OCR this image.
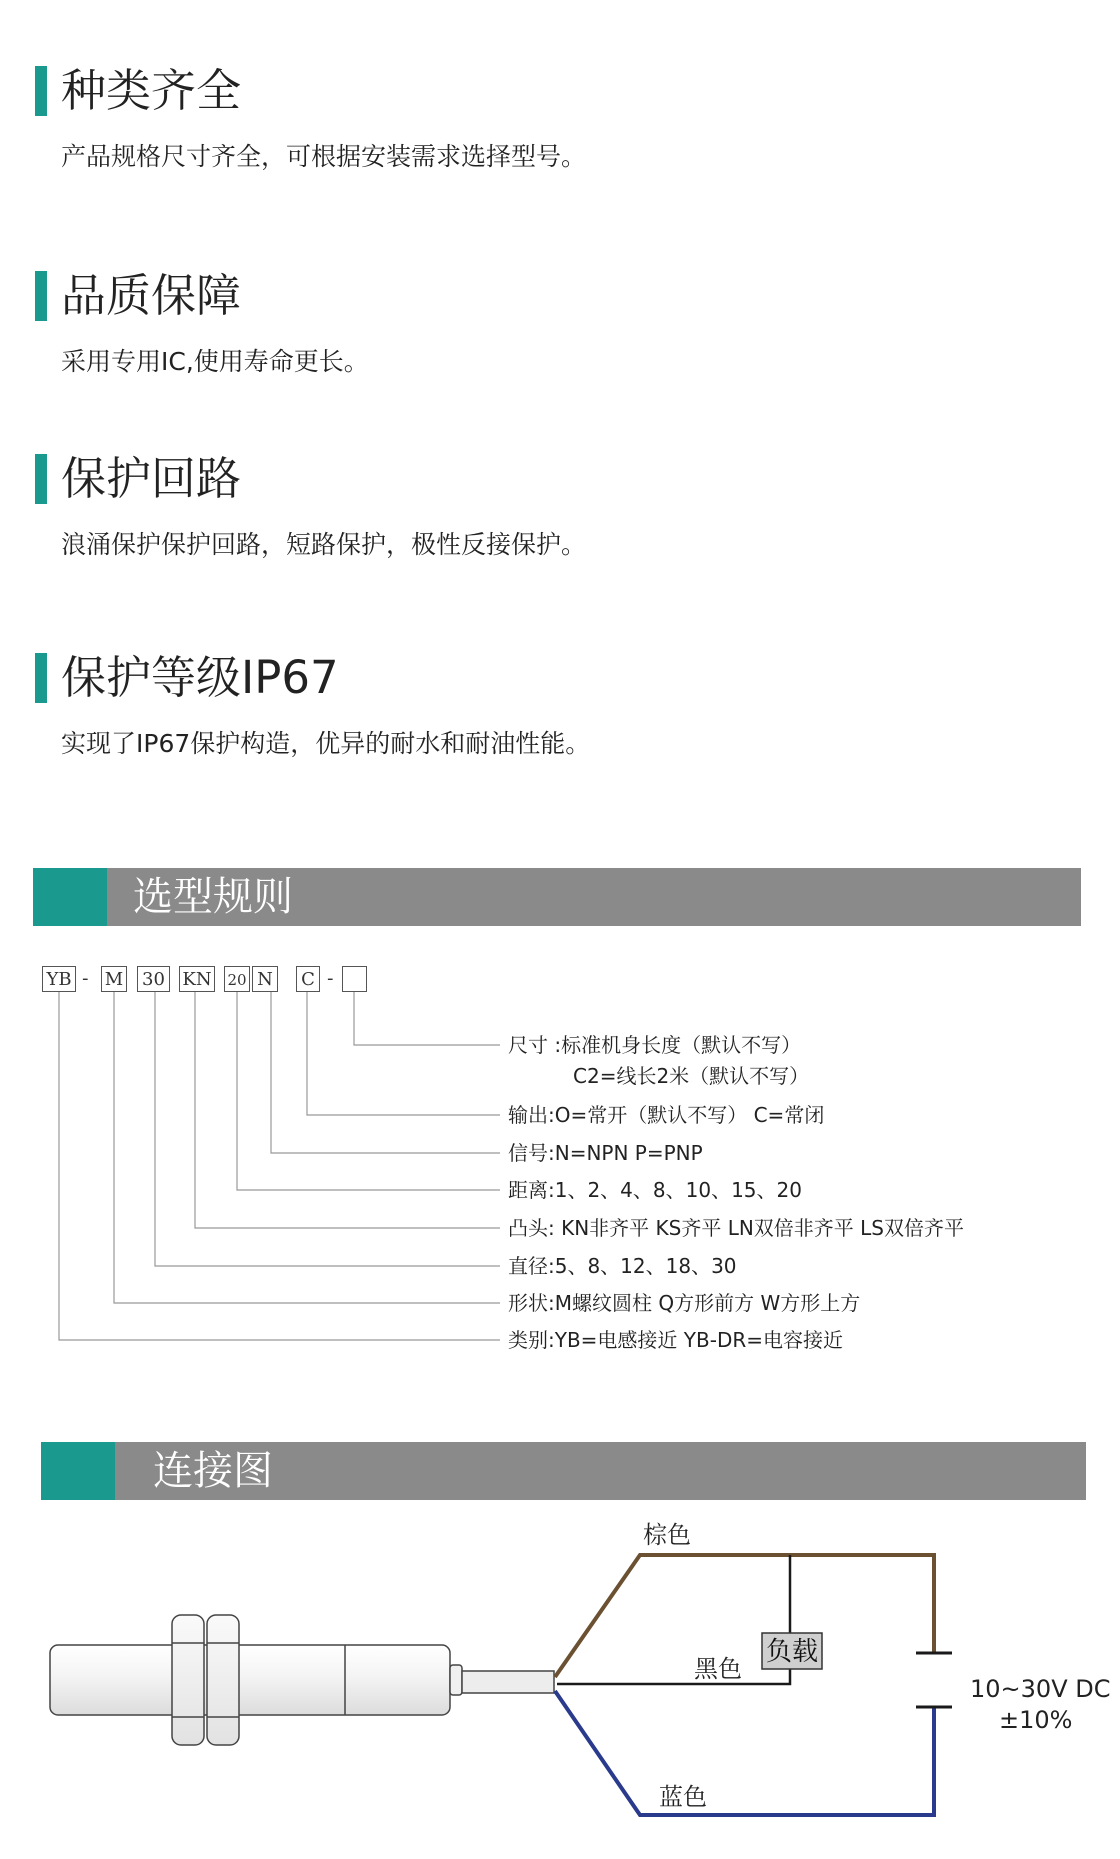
种类齐全
产品规格尺寸齐全，可根据安装需求选择型号。
品质保障
采用专用IC,使用寿命更长。
保护回路
浪涌保护保护回路，短路保护，极性反接保护。
保护等级IP67
实现了IP67保护构造，优异的耐水和耐油性能。
选型规则
YB - M 30 KN 20 N C -
尺寸 :标准机身长度（默认不写）
C2=线长2米（默认不写）
输出:O=常开（默认不写） C=常闭
信号:N=NPN P=PNP
距离:1、2、4、8、10、15、20
凸头: KN非齐平 KS齐平 LN双倍非齐平 LS双倍齐平
直径:5、8、12、18、30
形状:M螺纹圆柱 Q方形前方 W方形上方
类别:YB=电感接近 YB-DR=电容接近
连接图
负载
棕色
黑色
蓝色
10~30V DC
±10%
